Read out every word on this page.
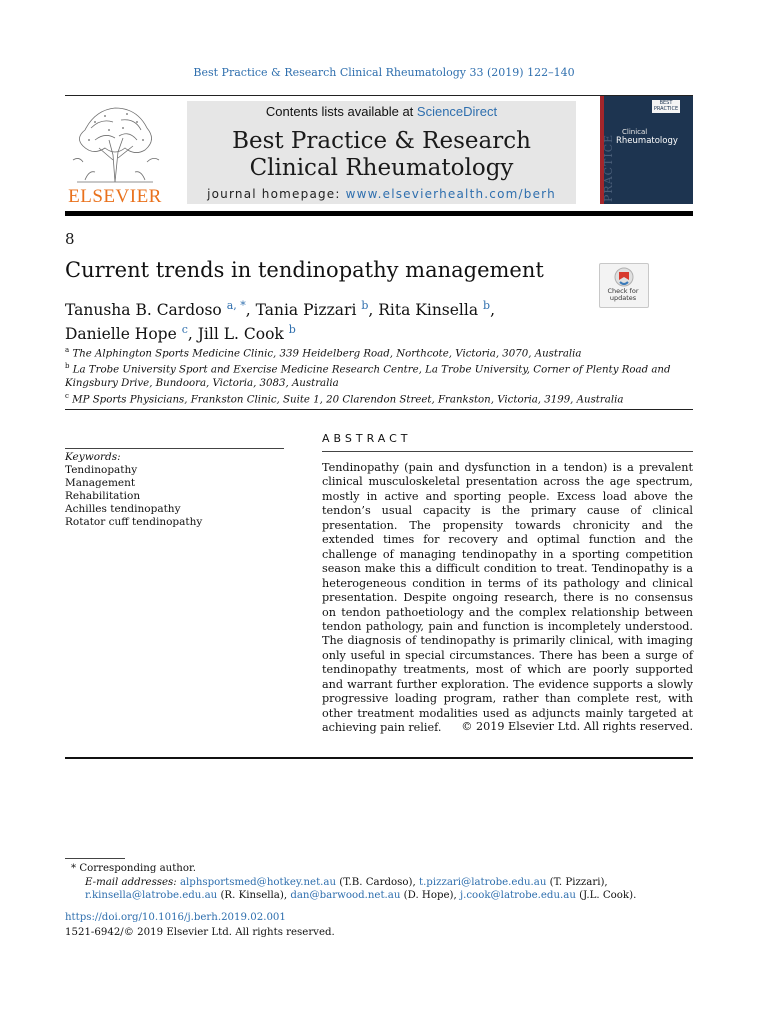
Best Practice & Research Clinical Rheumatology 33 (2019) 122–140
ELSEVIER
Contents lists available at ScienceDirect
Best Practice & Research Clinical Rheumatology
journal homepage: www.elsevierhealth.com/berh	PRACTICE
BEST PRACTICE
Clinical
Rheumatology
8
Current trends in tendinopathy management
Check for updates
Tanusha B. Cardoso $^{a, *}$, Tania Pizzari $^b$, Rita Kinsella $^b$,
Danielle Hope $^c$, Jill L. Cook $^b$
$^a$ The Alphington Sports Medicine Clinic, 339 Heidelberg Road, Northcote, Victoria, 3070, Australia
$^b$ La Trobe University Sport and Exercise Medicine Research Centre, La Trobe University, Corner of Plenty Road and Kingsbury Drive, Bundoora, Victoria, 3083, Australia
$^c$ MP Sports Physicians, Frankston Clinic, Suite 1, 20 Clarendon Street, Frankston, Victoria, 3199, Australia
Keywords:
Tendinopathy
Management
Rehabilitation
Achilles tendinopathy
Rotator cuff tendinopathy
ABSTRACT
Tendinopathy (pain and dysfunction in a tendon) is a prevalent clinical musculoskeletal presentation across the age spectrum, mostly in active and sporting people. Excess load above the tendon’s usual capacity is the primary cause of clinical presentation. The propensity towards chronicity and the extended times for recovery and optimal function and the challenge of managing tendinopathy in a sporting competition season make this a difficult condition to treat. Tendinopathy is a heterogeneous condition in terms of its pathology and clinical presentation. Despite ongoing research, there is no consensus on tendon pathoetiology and the complex relationship between tendon pathology, pain and function is incompletely understood. The diagnosis of tendinopathy is primarily clinical, with imaging only useful in special circumstances. There has been a surge of tendinopathy treatments, most of which are poorly supported and warrant further exploration. The evidence supports a slowly progressive loading program, rather than complete rest, with other treatment modalities used as adjuncts mainly targeted at achieving pain relief.	© 2019 Elsevier Ltd. All rights reserved.
* Corresponding author.
E-mail addresses: alphsportsmed@hotkey.net.au (T.B. Cardoso), t.pizzari@latrobe.edu.au (T. Pizzari), r.kinsella@latrobe.edu.au (R. Kinsella), dan@barwood.net.au (D. Hope), j.cook@latrobe.edu.au (J.L. Cook).
https://doi.org/10.1016/j.berh.2019.02.001
1521-6942/© 2019 Elsevier Ltd. All rights reserved.
